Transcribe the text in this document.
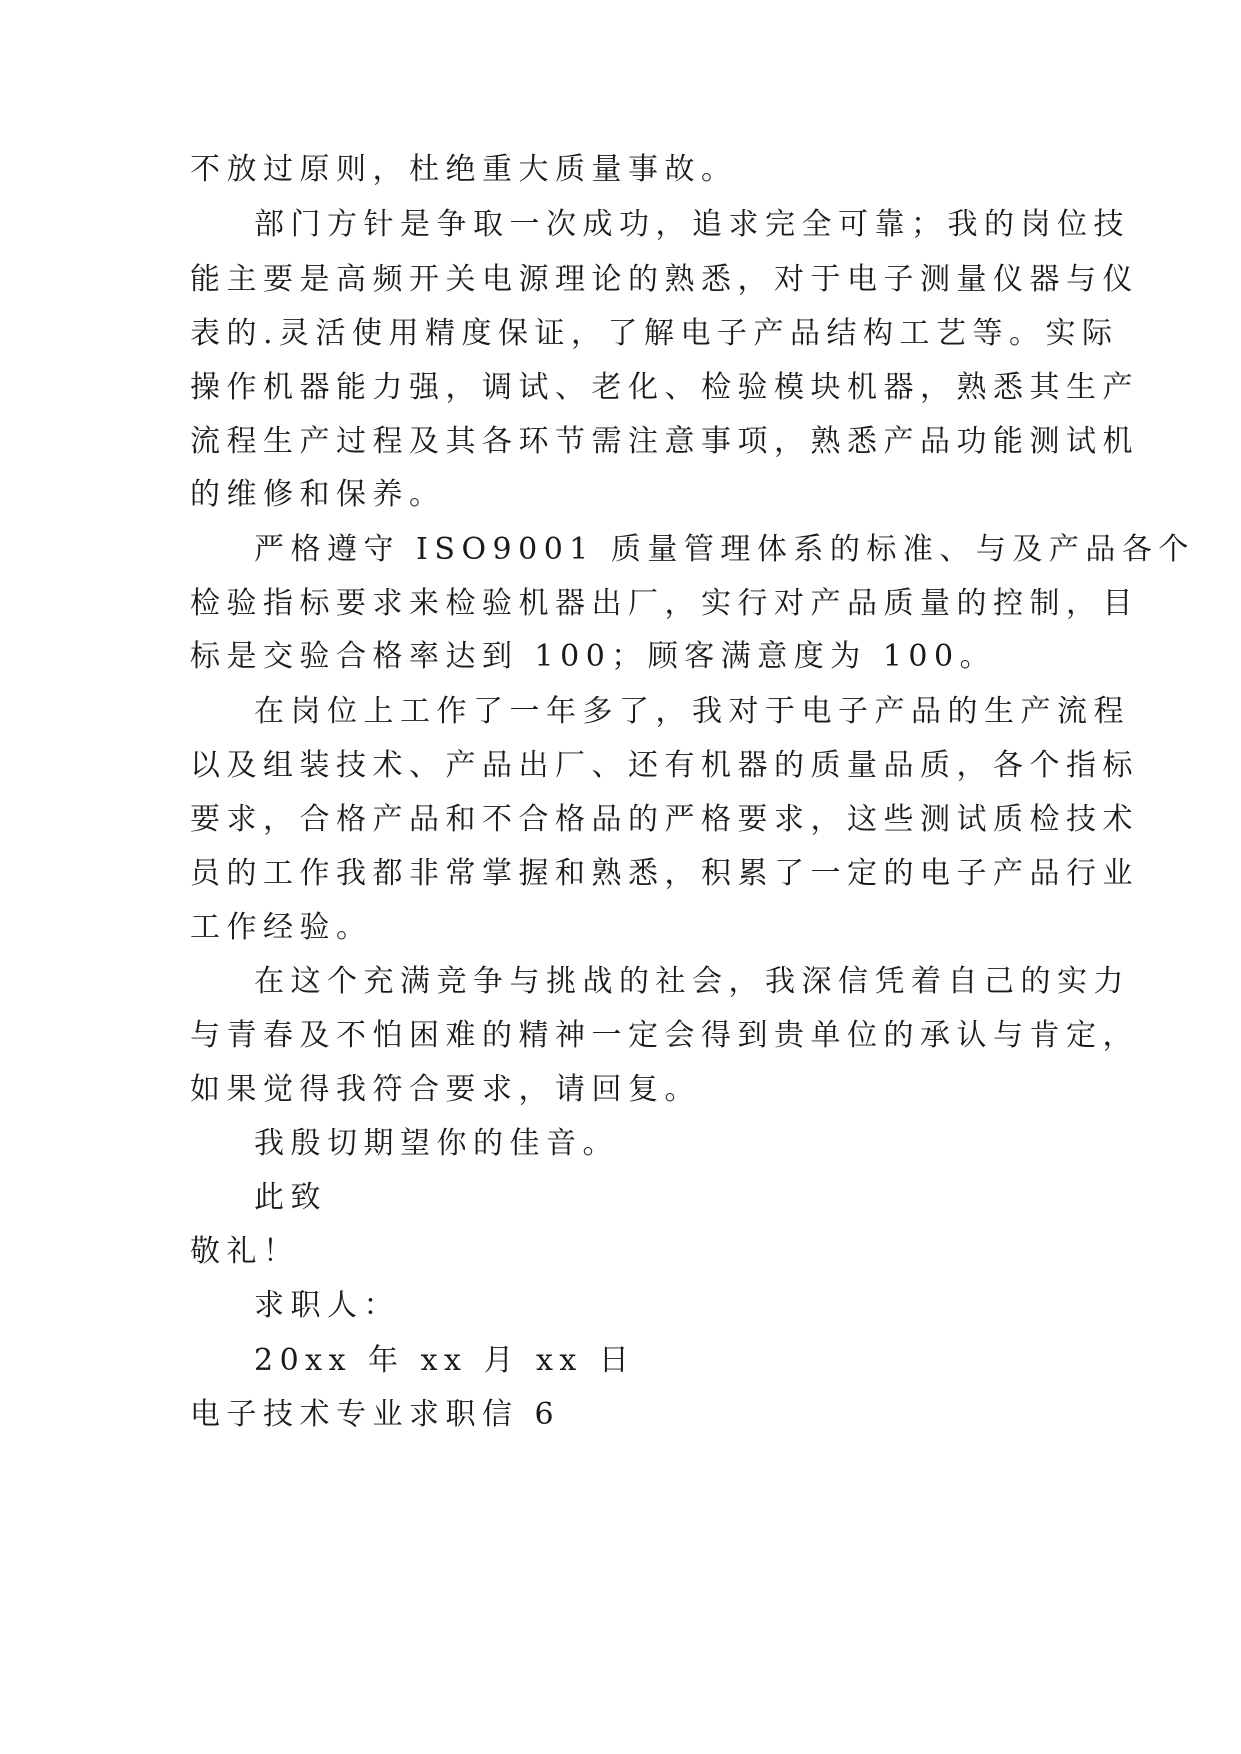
不放过原则，杜绝重大质量事故。
部门方针是争取一次成功，追求完全可靠；我的岗位技
能主要是高频开关电源理论的熟悉，对于电子测量仪器与仪
表的.灵活使用精度保证，了解电子产品结构工艺等。实际
操作机器能力强，调试、老化、检验模块机器，熟悉其生产
流程生产过程及其各环节需注意事项，熟悉产品功能测试机
的维修和保养。
严格遵守 ISO9001 质量管理体系的标准、与及产品各个
检验指标要求来检验机器出厂，实行对产品质量的控制，目
标是交验合格率达到 100；顾客满意度为 100。
在岗位上工作了一年多了，我对于电子产品的生产流程
以及组装技术、产品出厂、还有机器的质量品质，各个指标
要求，合格产品和不合格品的严格要求，这些测试质检技术
员的工作我都非常掌握和熟悉，积累了一定的电子产品行业
工作经验。
在这个充满竞争与挑战的社会，我深信凭着自己的实力
与青春及不怕困难的精神一定会得到贵单位的承认与肯定，
如果觉得我符合要求，请回复。
我殷切期望你的佳音。
此致
敬礼！
求职人：
20xx 年 xx 月 xx 日
电子技术专业求职信 6
